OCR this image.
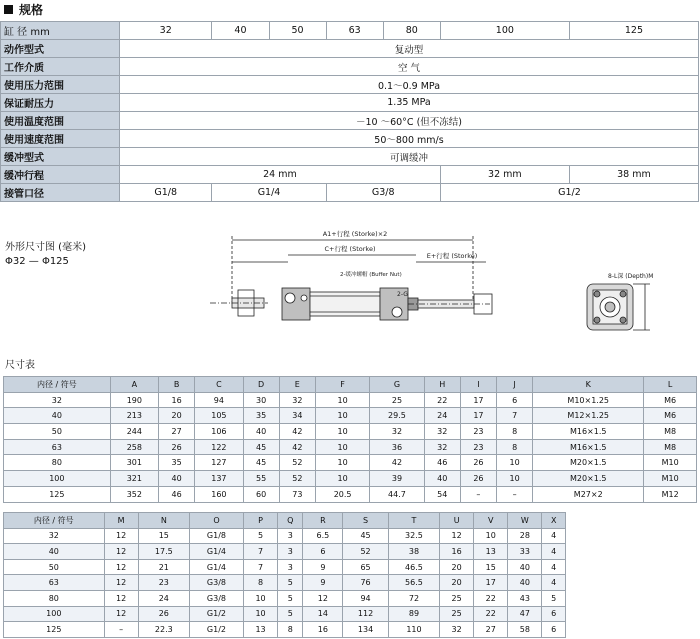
规格
缸 径 mm	32	40	50	63	80	100	125
动作型式	复动型						
工作介质	空 气						
使用压力范围	0.1～0.9 MPa						
保证耐压力	1.35 MPa						
使用温度范围	－10 ～60°C (但不冻结)						
使用速度范围	50～800 mm/s						
缓冲型式	可调缓冲						
缓冲行程	24 mm					32 mm	38 mm
接管口径	G1/8	G1/4		G3/8		G1/2	
外形尺寸图 (毫米)
Φ32 — Φ125
A1+行程 (Storke)×2
C+行程 (Storke)
E+行程 (Storke)
2-缓冲螺帽 (Buffer Nut)
2-G
8-L深 (Depth)M
尺寸表
内径 / 符号	A	B	C	D	E	F	G	H	I	J	K	L
32	190	16	94	30	32	10	25	22	17	6	M10×1.25	M6
40	213	20	105	35	34	10	29.5	24	17	7	M12×1.25	M6
50	244	27	106	40	42	10	32	32	23	8	M16×1.5	M8
63	258	26	122	45	42	10	36	32	23	8	M16×1.5	M8
80	301	35	127	45	52	10	42	46	26	10	M20×1.5	M10
100	321	40	137	55	52	10	39	40	26	10	M20×1.5	M10
125	352	46	160	60	73	20.5	44.7	54	–	–	M27×2	M12
内径 / 符号	M	N	O	P	Q	R	S	T	U	V	W	X
32	12	15	G1/8	5	3	6.5	45	32.5	12	10	28	4
40	12	17.5	G1/4	7	3	6	52	38	16	13	33	4
50	12	21	G1/4	7	3	9	65	46.5	20	15	40	4
63	12	23	G3/8	8	5	9	76	56.5	20	17	40	4
80	12	24	G3/8	10	5	12	94	72	25	22	43	5
100	12	26	G1/2	10	5	14	112	89	25	22	47	6
125	–	22.3	G1/2	13	8	16	134	110	32	27	58	6
